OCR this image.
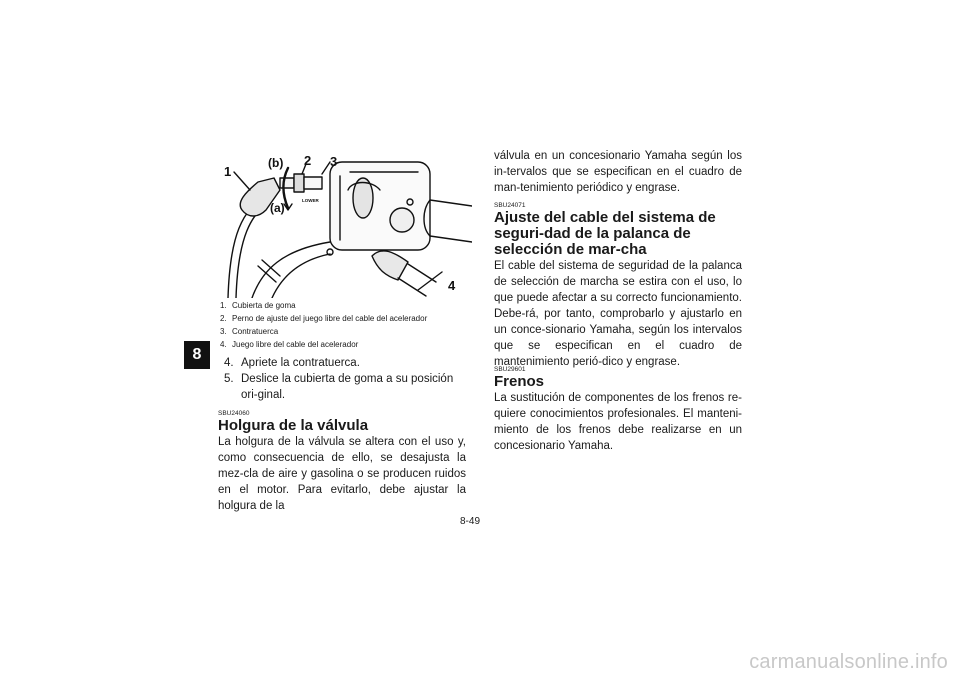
8
1
(b) 2 3
(a)
4
LOWER
1. Cubierta de goma
2. Perno de ajuste del juego libre del cable del acelerador
3. Contratuerca
4. Juego libre del cable del acelerador
4. Apriete la contratuerca.
5. Deslice la cubierta de goma a su posición ori-ginal.
SBU24060
Holgura de la válvula

La holgura de la válvula se altera con el uso y, como consecuencia de ello, se desajusta la mez-cla de aire y gasolina o se producen ruidos en el motor. Para evitarlo, debe ajustar la holgura de la

válvula en un concesionario Yamaha según los in-tervalos que se especifican en el cuadro de man-tenimiento periódico y engrase.

SBU24071
Ajuste del cable del sistema de seguri-dad de la palanca de selección de mar-cha

El cable del sistema de seguridad de la palanca de selección de marcha se estira con el uso, lo que puede afectar a su correcto funcionamiento. Debe-rá, por tanto, comprobarlo y ajustarlo en un conce-sionario Yamaha, según los intervalos que se especifican en el cuadro de mantenimiento perió-dico y engrase.

SBU29601
Frenos

La sustitución de componentes de los frenos re-quiere conocimientos profesionales. El manteni-miento de los frenos debe realizarse en un concesionario Yamaha.

8-49
carmanualsonline.info
